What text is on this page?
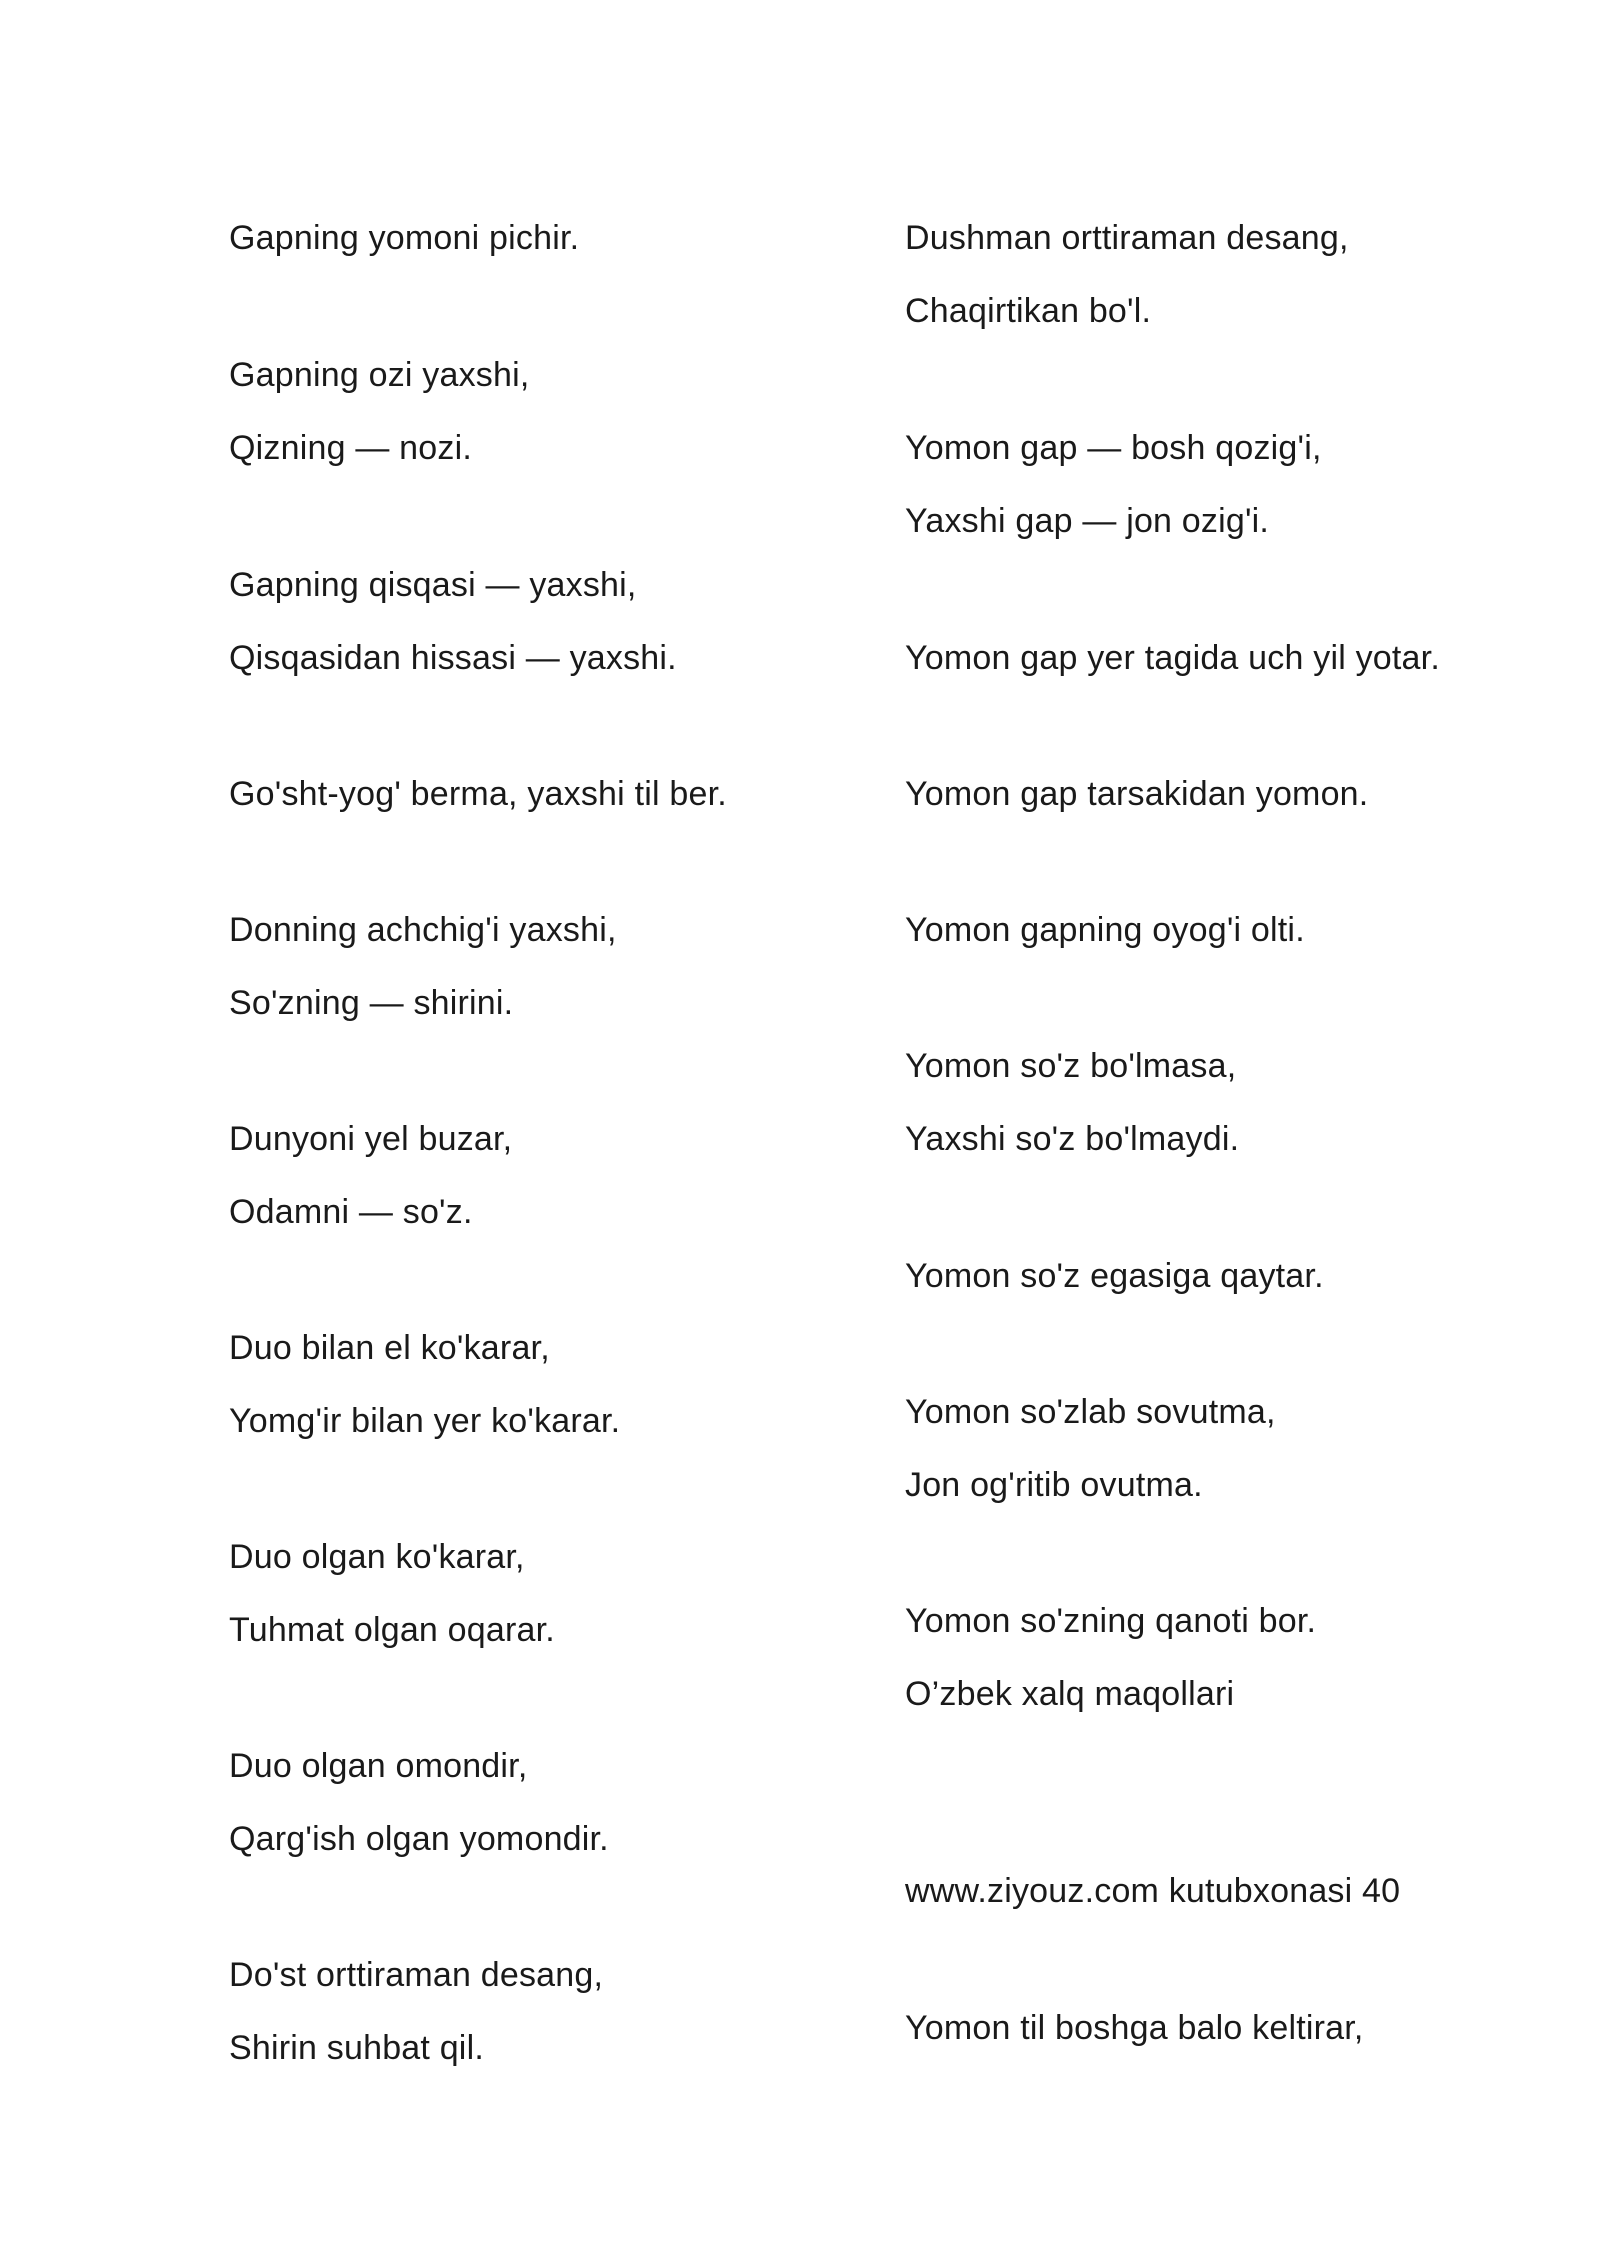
Gapning yomoni pichir.
Gapning ozi yaxshi,
Qizning — nozi.
Gapning qisqasi — yaxshi,
Qisqasidan hissasi — yaxshi.
Go'sht-yog' berma, yaxshi til ber.
Donning achchig'i yaxshi,
So'zning — shirini.
Dunyoni yel buzar,
Odamni — so'z.
Duo bilan el ko'karar,
Yomg'ir bilan yer ko'karar.
Duo olgan ko'karar,
Tuhmat olgan oqarar.
Duo olgan omondir,
Qarg'ish olgan yomondir.
Do'st orttiraman desang,
Shirin suhbat qil.
Dushman orttiraman desang,
Chaqirtikan bo'l.
Yomon gap — bosh qozig'i,
Yaxshi gap — jon ozig'i.
Yomon gap yer tagida uch yil yotar.
Yomon gap tarsakidan yomon.
Yomon gapning oyog'i olti.
Yomon so'z bo'lmasa,
Yaxshi so'z bo'lmaydi.
Yomon so'z egasiga qaytar.
Yomon so'zlab sovutma,
Jon og'ritib ovutma.
Yomon so'zning qanoti bor.
O’zbek xalq maqollari
www.ziyouz.com kutubxonasi 40
Yomon til boshga balo keltirar,
